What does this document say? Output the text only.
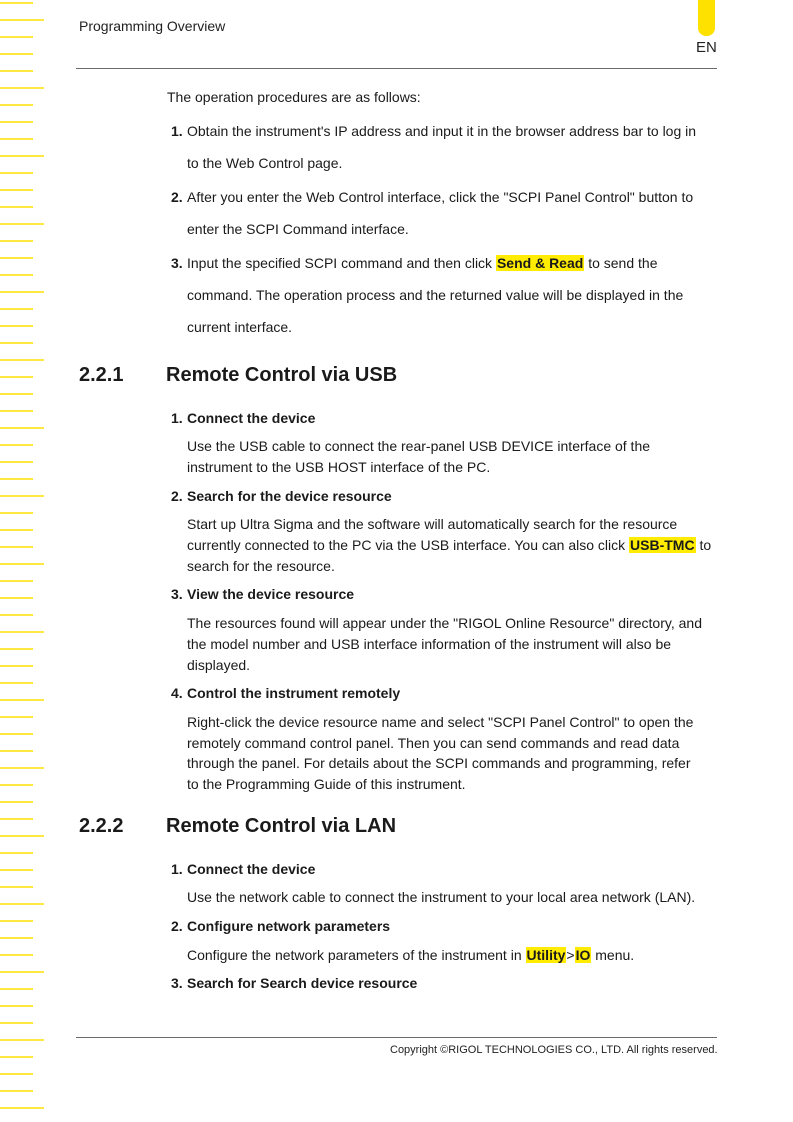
Programming Overview
EN
The operation procedures are as follows:
1. Obtain the instrument's IP address and input it in the browser address bar to log in
to the Web Control page.
2. After you enter the Web Control interface, click the "SCPI Panel Control" button to
enter the SCPI Command interface.
3. Input the specified SCPI command and then click Send & Read to send the
command. The operation process and the returned value will be displayed in the
current interface.
2.2.1 Remote Control via USB
1. Connect the device
Use the USB cable to connect the rear-panel USB DEVICE interface of the
instrument to the USB HOST interface of the PC.
2. Search for the device resource
Start up Ultra Sigma and the software will automatically search for the resource
currently connected to the PC via the USB interface. You can also click USB-TMC to
search for the resource.
3. View the device resource
The resources found will appear under the "RIGOL Online Resource" directory, and
the model number and USB interface information of the instrument will also be
displayed.
4. Control the instrument remotely
Right-click the device resource name and select "SCPI Panel Control" to open the
remotely command control panel. Then you can send commands and read data
through the panel. For details about the SCPI commands and programming, refer
to the Programming Guide of this instrument.
2.2.2 Remote Control via LAN
1. Connect the device
Use the network cable to connect the instrument to your local area network (LAN).
2. Configure network parameters
Configure the network parameters of the instrument in Utility>IO menu.
3. Search for Search device resource
Copyright ©RIGOL TECHNOLOGIES CO., LTD. All rights reserved.
